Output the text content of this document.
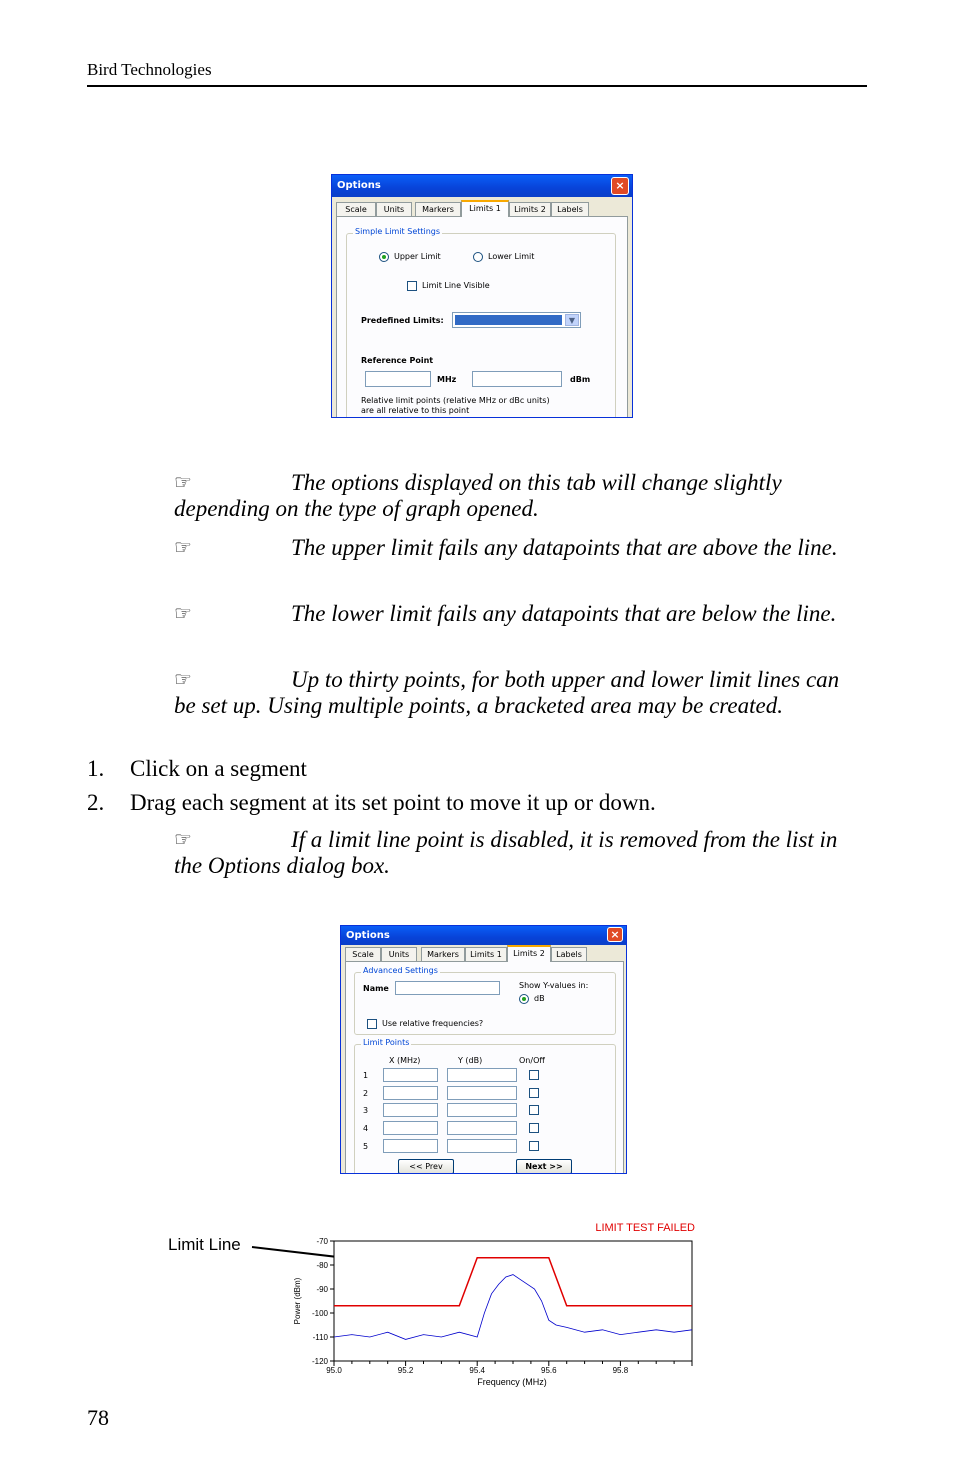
Bird Technologies
Options	×
Scale	Units	Markers	Limits 1	Limits 2	Labels
Simple Limit Settings
Upper Limit	Lower Limit
Limit Line Visible
Predefined Limits:	▼
Reference Point
MHz	dBm
Relative limit points (relative MHz or dBc units)
are all relative to this point
☞	The options displayed on this tab will change slightly depending on the type of graph opened.

☞	The upper limit fails any datapoints that are above the line.

☞	The lower limit fails any datapoints that are below the line.

☞	Up to thirty points, for both upper and lower limit lines can be set up. Using multiple points, a bracketed area may be created.

1. Click on a segment
2. Drag each segment at its set point to move it up or down.
☞	If a limit line point is disabled, it is removed from the list in the Options dialog box.

Options	×
Scale	Units	Markers	Limits 1	Limits 2	Labels
Advanced Settings
Name	Show Y-values in:
dB
Use relative frequencies?
Limit Points
X (MHz)	Y (dB)	On/Off
1
2
3
4
5
<< Prev	Next >>
Limit Line
LIMIT TEST FAILED
-70
-80
-90
-100
-110
-120
95.0	95.2	95.4	95.6	95.8
Frequency (MHz)
Power (dBm)
78
